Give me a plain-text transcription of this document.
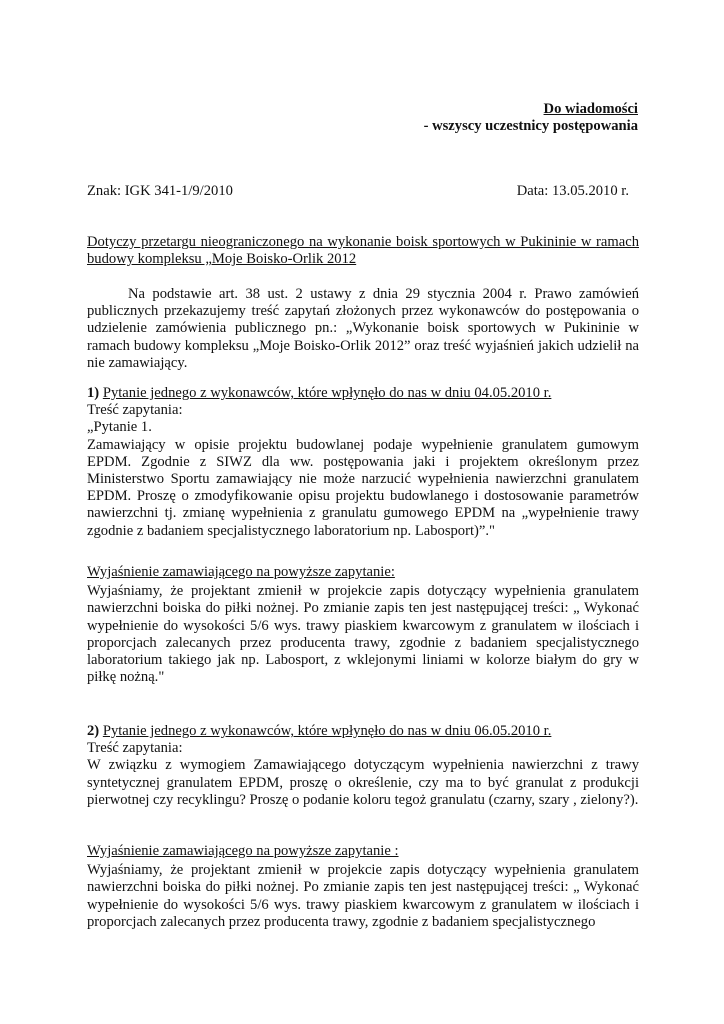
Do wiadomości
- wszyscy uczestnicy postępowania
Znak: IGK 341-1/9/2010	Data: 13.05.2010 r.
Dotyczy przetargu nieograniczonego na wykonanie boisk sportowych w Pukininie w ramach budowy kompleksu „Moje Boisko-Orlik 2012
Na podstawie art. 38 ust. 2 ustawy z dnia 29 stycznia 2004 r. Prawo zamówień publicznych przekazujemy treść zapytań złożonych przez wykonawców do postępowania o udzielenie zamówienia publicznego pn.: „Wykonanie boisk sportowych w Pukininie w ramach budowy kompleksu „Moje Boisko-Orlik 2012” oraz treść wyjaśnień jakich udzielił na nie zamawiający.
1) Pytanie jednego z wykonawców, które wpłynęło do nas w dniu 04.05.2010 r.
Treść zapytania:
„Pytanie 1.
Zamawiający w opisie projektu budowlanej podaje wypełnienie granulatem gumowym EPDM. Zgodnie z SIWZ dla ww. postępowania jaki i projektem określonym przez Ministerstwo Sportu zamawiający nie może narzucić wypełnienia nawierzchni granulatem EPDM. Proszę o zmodyfikowanie opisu projektu budowlanego i dostosowanie parametrów nawierzchni tj. zmianę wypełnienia z granulatu gumowego EPDM na „wypełnienie trawy zgodnie z badaniem specjalistycznego laboratorium np. Labosport)”."
Wyjaśnienie zamawiającego na powyższe zapytanie:
Wyjaśniamy, że projektant zmienił w projekcie zapis dotyczący wypełnienia granulatem nawierzchni boiska do piłki nożnej. Po zmianie zapis ten jest następującej treści: „ Wykonać wypełnienie do wysokości 5/6 wys. trawy piaskiem kwarcowym z granulatem w ilościach i proporcjach zalecanych przez producenta trawy, zgodnie z badaniem specjalistycznego laboratorium takiego jak np. Labosport, z wklejonymi liniami w kolorze białym do gry w piłkę nożną."
2) Pytanie jednego z wykonawców, które wpłynęło do nas w dniu 06.05.2010 r.
Treść zapytania:
W związku z wymogiem Zamawiającego dotyczącym wypełnienia nawierzchni z trawy syntetycznej granulatem EPDM, proszę o określenie, czy ma to być granulat z produkcji pierwotnej czy recyklingu? Proszę o podanie koloru tegoż granulatu (czarny, szary , zielony?).
Wyjaśnienie zamawiającego na powyższe zapytanie :
Wyjaśniamy, że projektant zmienił w projekcie zapis dotyczący wypełnienia granulatem nawierzchni boiska do piłki nożnej. Po zmianie zapis ten jest następującej treści: „ Wykonać wypełnienie do wysokości 5/6 wys. trawy piaskiem kwarcowym z granulatem w ilościach i proporcjach zalecanych przez producenta trawy, zgodnie z badaniem specjalistycznego
